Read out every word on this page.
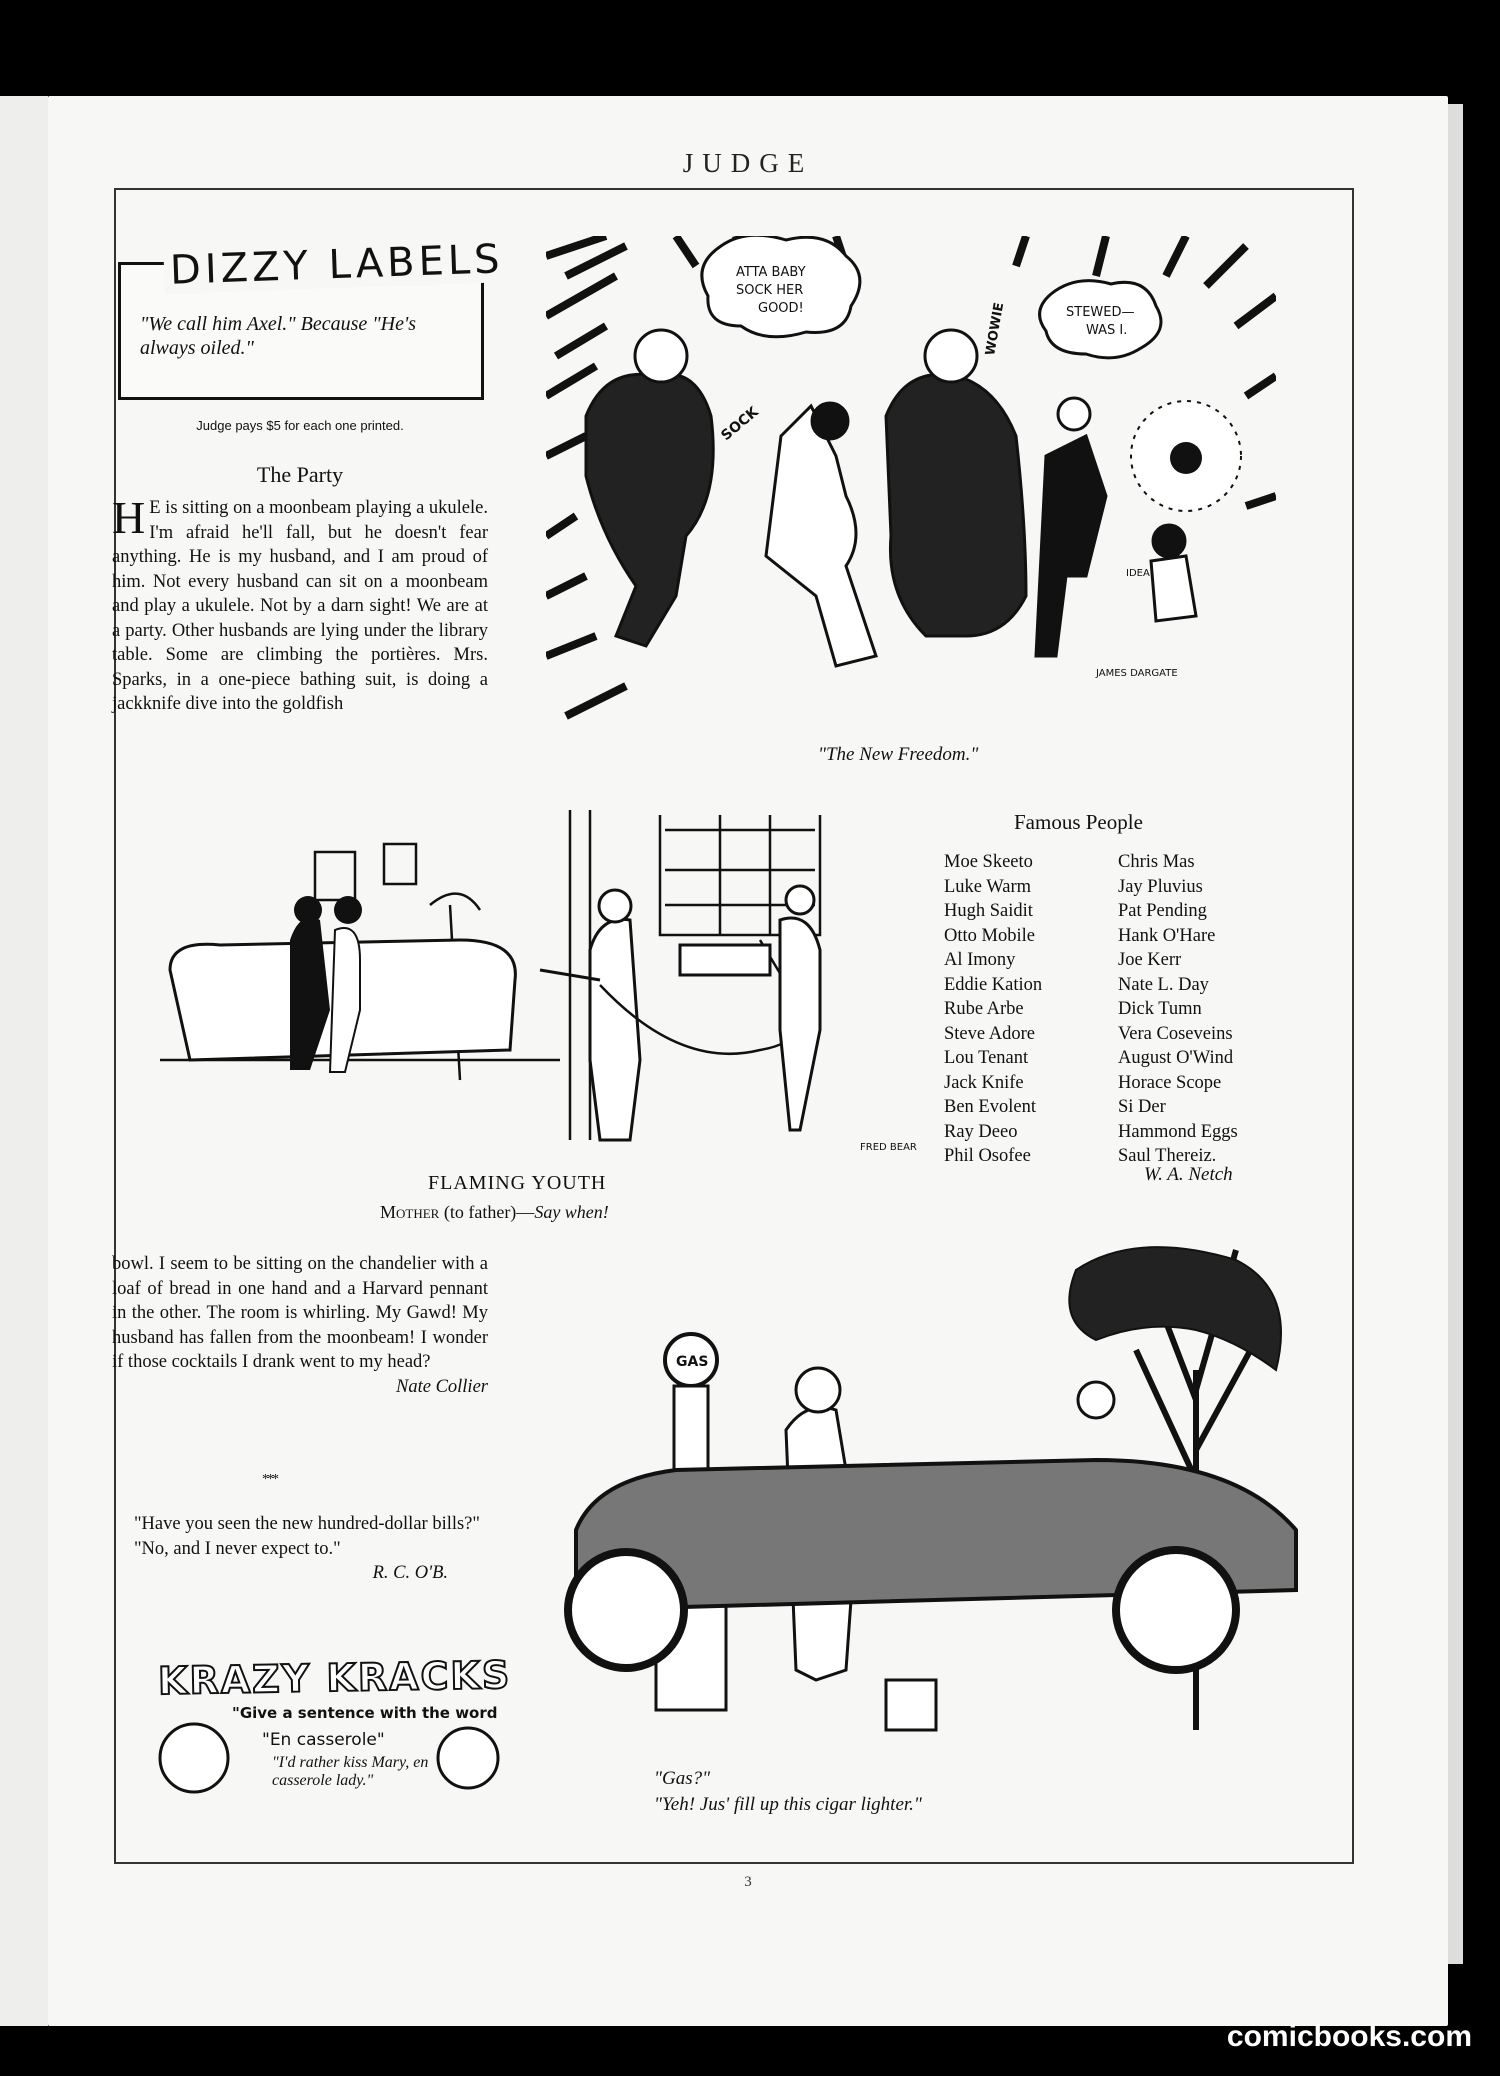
JUDGE
3
DIZZY LABELS
"We call him Axel." Because "He's always oiled."
Judge pays $5 for each one printed.
The Party
H E is sitting on a moonbeam playing a ukulele. I'm afraid he'll fall, but he doesn't fear anything. He is my husband, and I am proud of him. Not every husband can sit on a moonbeam and play a ukulele. Not by a darn sight! We are at a party. Other husbands are lying under the library table. Some are climbing the portières. Mrs. Sparks, in a one-piece bathing suit, is doing a jackknife dive into the goldfish
bowl. I seem to be sitting on the chandelier with a loaf of bread in one hand and a Harvard pennant in the other. The room is whirling. My Gawd! My husband has fallen from the moonbeam! I wonder if those cocktails I drank went to my head?
Nate Collier
***
"Have you seen the new hundred-dollar bills?"
"No, and I never expect to."
R. C. O'B.
ATTA BABY
SOCK HER
GOOD!	STEWED—
WAS I.
SOCK
WOWIE
IDEA
JAMES DARGATE
"The New Freedom."
Famous People
Moe Skeeto
Luke Warm
Hugh Saidit
Otto Mobile
Al Imony
Eddie Kation
Rube Arbe
Steve Adore
Lou Tenant
Jack Knife
Ben Evolent
Ray Deeo
Phil Osofee
Chris Mas
Jay Pluvius
Pat Pending
Hank O'Hare
Joe Kerr
Nate L. Day
Dick Tumn
Vera Coseveins
August O'Wind
Horace Scope
Si Der
Hammond Eggs
Saul Thereiz.
W. A. Netch
FRED BEAR
FLAMING YOUTH
Mother (to father)—Say when!
GAS
"Gas?"
"Yeh! Jus' fill up this cigar lighter."
KRAZY KRACKS
"Give a sentence with the word
"En casserole"
"I'd rather kiss Mary, en casserole lady."
comicbooks.com
